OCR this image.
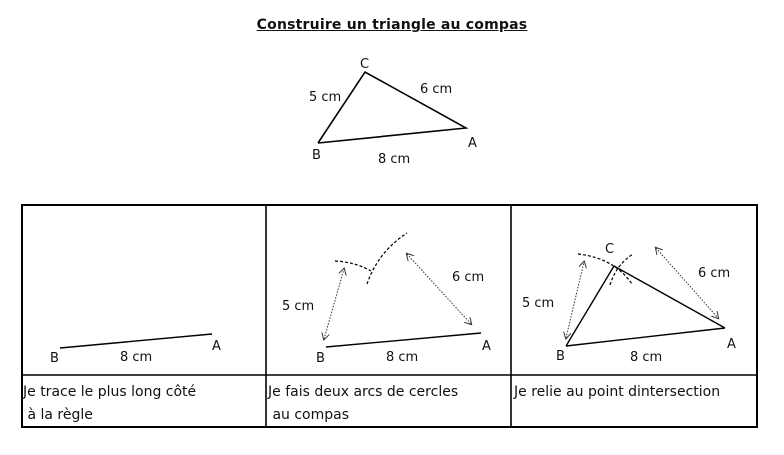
Construire un triangle au compas
C
B
A
5 cm
6 cm
8 cm
B
A
8 cm	B
A
8 cm
5 cm
6 cm
B
A
C
8 cm
5 cm
6 cm
Je trace le plus long côté
à la règle
Je fais deux arcs de cercles
au compas
Je relie au point dintersection
